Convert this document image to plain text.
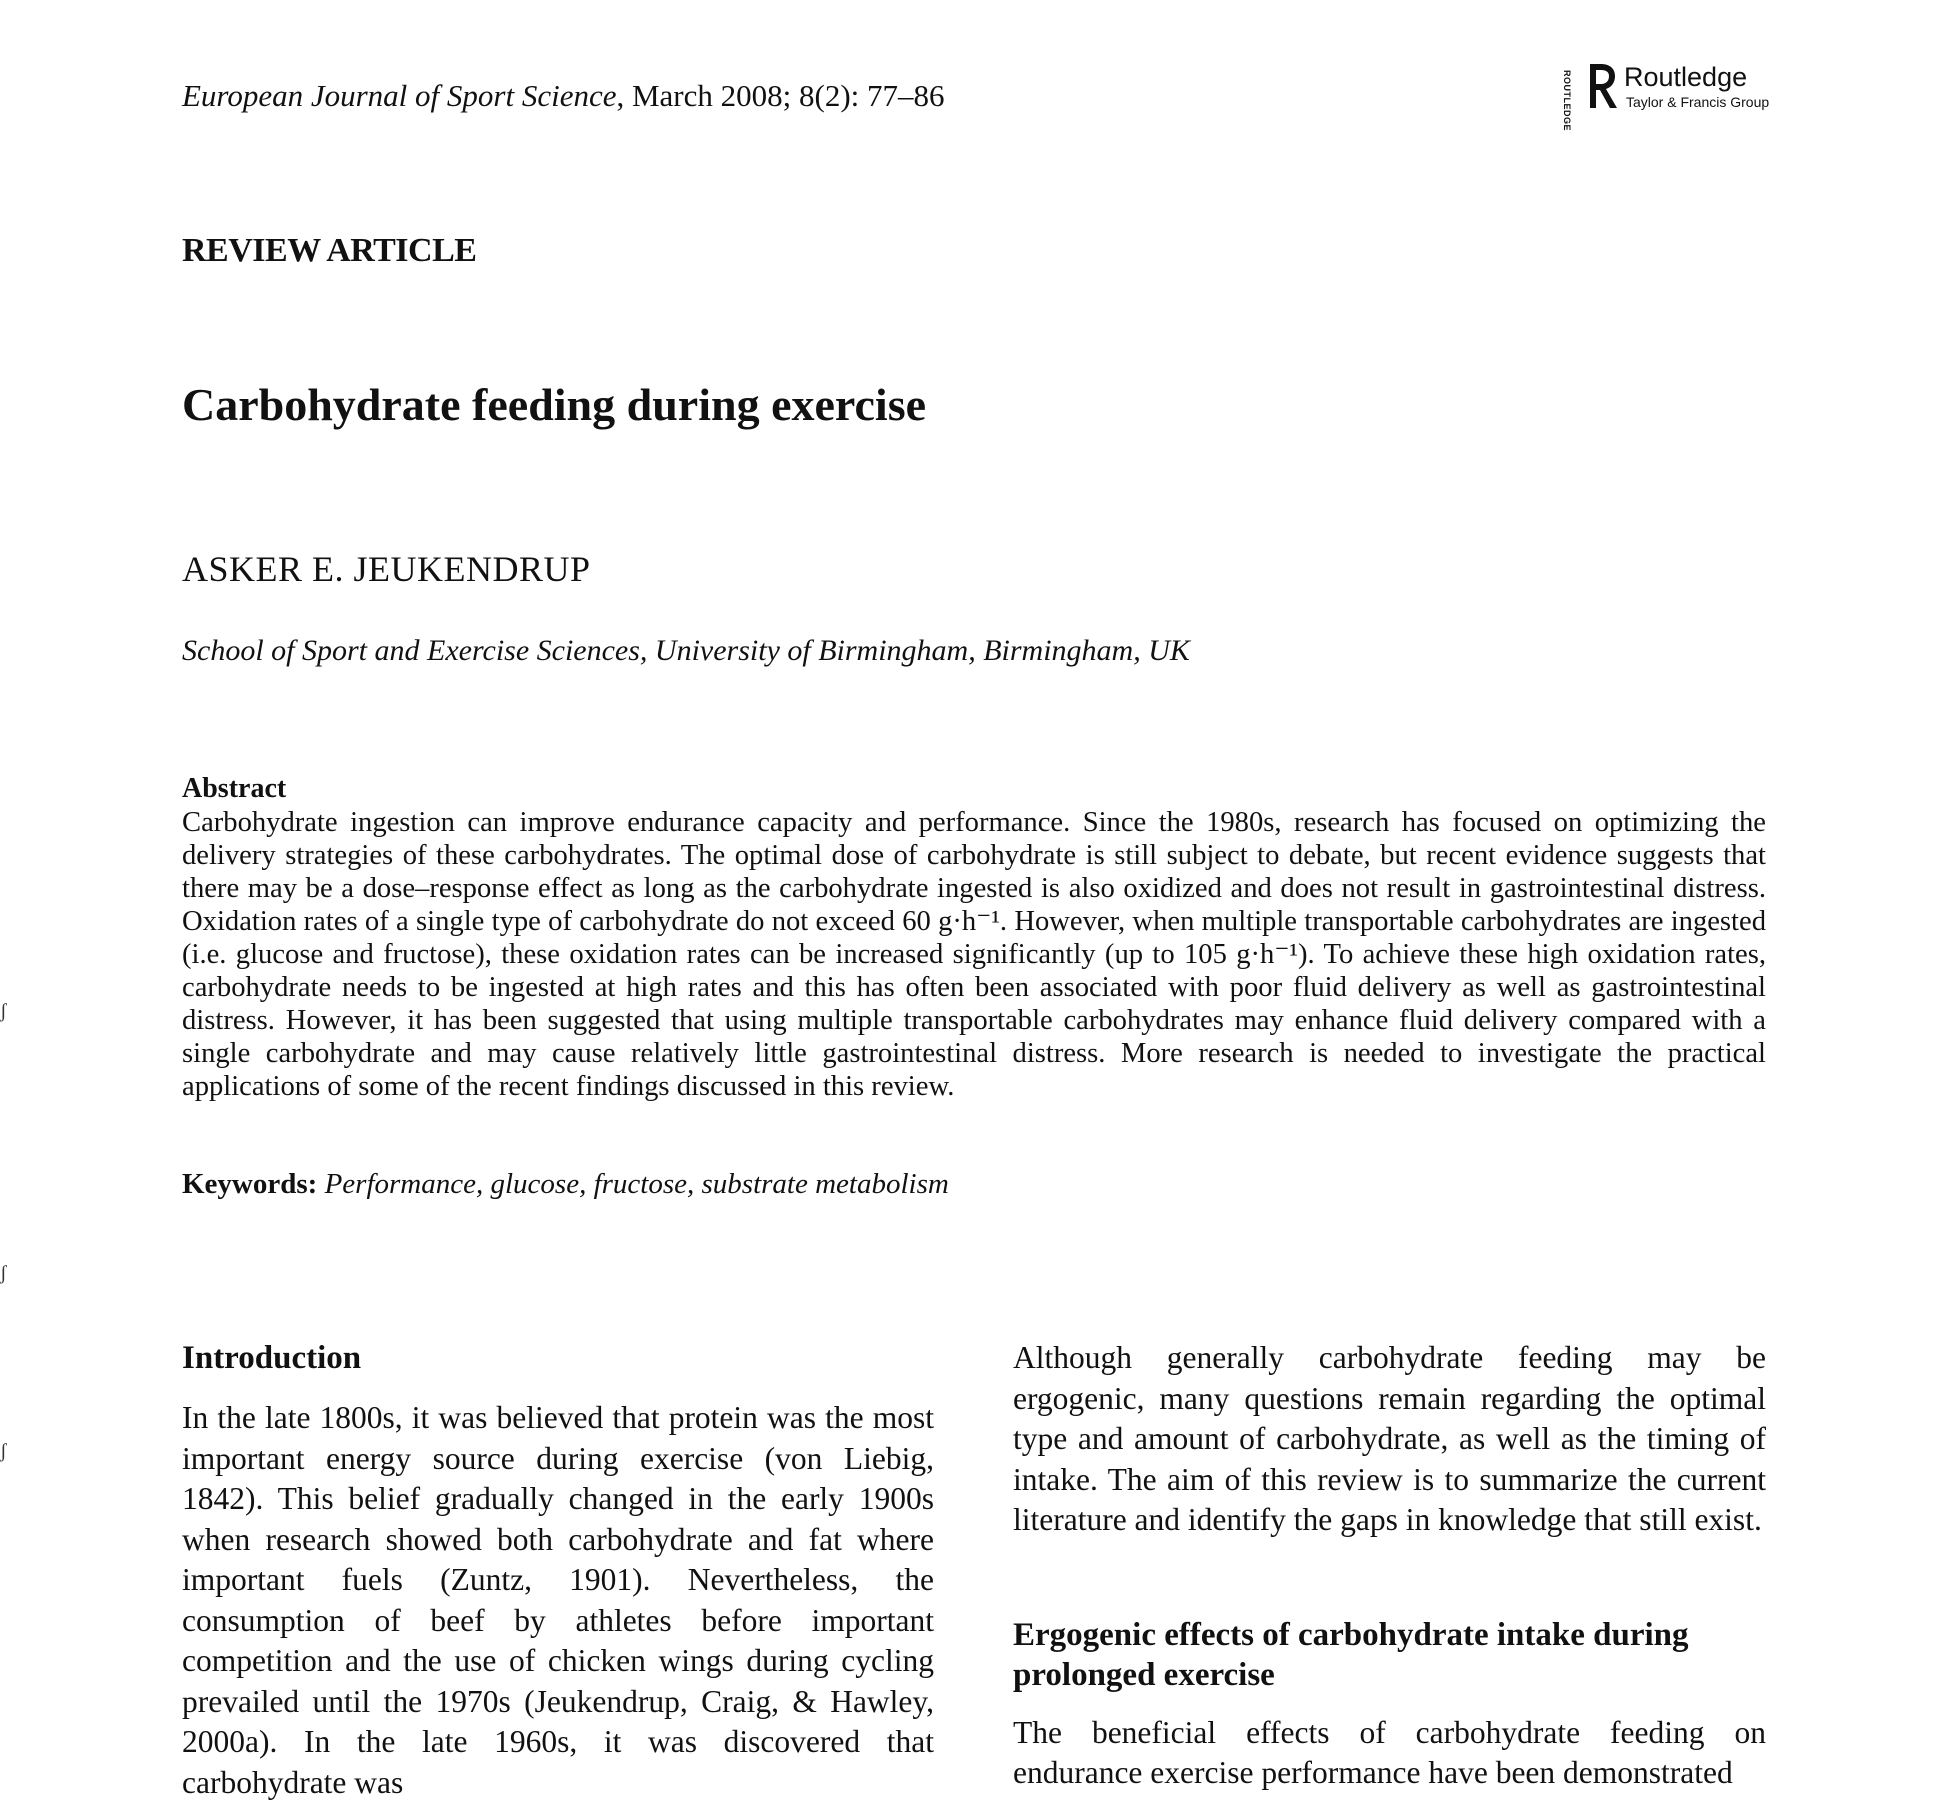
European Journal of Sport Science, March 2008; 8(2): 77–86	ROUTLEDGE Routledge
Taylor & Francis Group
REVIEW ARTICLE
Carbohydrate feeding during exercise
ASKER E. JEUKENDRUP
School of Sport and Exercise Sciences, University of Birmingham, Birmingham, UK
Abstract

Carbohydrate ingestion can improve endurance capacity and performance. Since the 1980s, research has focused on optimizing the delivery strategies of these carbohydrates. The optimal dose of carbohydrate is still subject to debate, but recent evidence suggests that there may be a dose–response effect as long as the carbohydrate ingested is also oxidized and does not result in gastrointestinal distress. Oxidation rates of a single type of carbohydrate do not exceed 60 g·h⁻¹. However, when multiple transportable carbohydrates are ingested (i.e. glucose and fructose), these oxidation rates can be increased significantly (up to 105 g·h⁻¹). To achieve these high oxidation rates, carbohydrate needs to be ingested at high rates and this has often been associated with poor fluid delivery as well as gastrointestinal distress. However, it has been suggested that using multiple transportable carbohydrates may enhance fluid delivery compared with a single carbohydrate and may cause relatively little gastrointestinal distress. More research is needed to investigate the practical applications of some of the recent findings discussed in this review.

Keywords: Performance, glucose, fructose, substrate metabolism
Introduction

In the late 1800s, it was believed that protein was the most important energy source during exercise (von Liebig, 1842). This belief gradually changed in the early 1900s when research showed both carbohydrate and fat where important fuels (Zuntz, 1901). Nevertheless, the consumption of beef by athletes before important competition and the use of chicken wings during cycling prevailed until the 1970s (Jeukendrup, Craig, & Hawley, 2000a). In the late 1960s, it was discovered that carbohydrate was

Although generally carbohydrate feeding may be ergogenic, many questions remain regarding the optimal type and amount of carbohydrate, as well as the timing of intake. The aim of this review is to summarize the current literature and identify the gaps in knowledge that still exist.

Ergogenic effects of carbohydrate intake during prolonged exercise

The beneficial effects of carbohydrate feeding on endurance exercise performance have been demonstrated

ʃ
ʃ
ʃ
